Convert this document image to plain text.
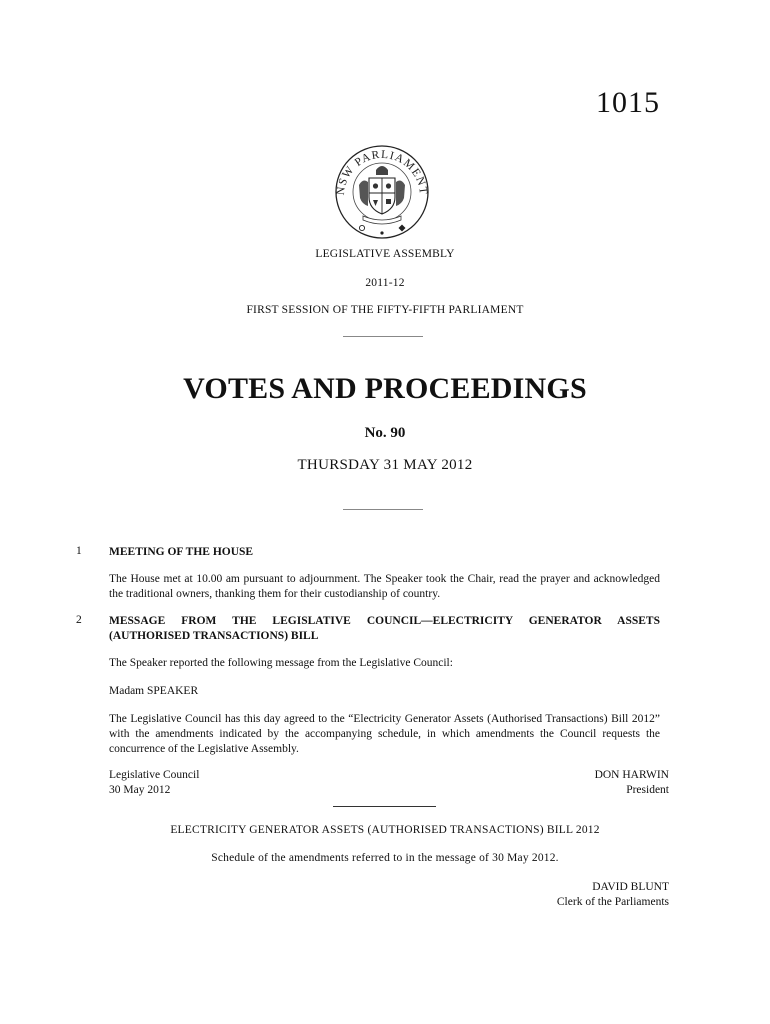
1015
NSW PARLIAMENT
LEGISLATIVE ASSEMBLY
2011-12
FIRST SESSION OF THE FIFTY-FIFTH PARLIAMENT
VOTES AND PROCEEDINGS
No. 90
THURSDAY 31 MAY 2012
1 MEETING OF THE HOUSE
The House met at 10.00 am pursuant to adjournment. The Speaker took the Chair, read the prayer and acknowledged the traditional owners, thanking them for their custodianship of country.
2 MESSAGE FROM THE LEGISLATIVE COUNCIL—ELECTRICITY GENERATOR ASSETS (AUTHORISED TRANSACTIONS) BILL
The Speaker reported the following message from the Legislative Council:
Madam SPEAKER
The Legislative Council has this day agreed to the “Electricity Generator Assets (Authorised Transactions) Bill 2012” with the amendments indicated by the accompanying schedule, in which amendments the Council requests the concurrence of the Legislative Assembly.
Legislative Council
30 May 2012
DON HARWIN
President
ELECTRICITY GENERATOR ASSETS (AUTHORISED TRANSACTIONS) BILL 2012
Schedule of the amendments referred to in the message of 30 May 2012.
DAVID BLUNT
Clerk of the Parliaments
